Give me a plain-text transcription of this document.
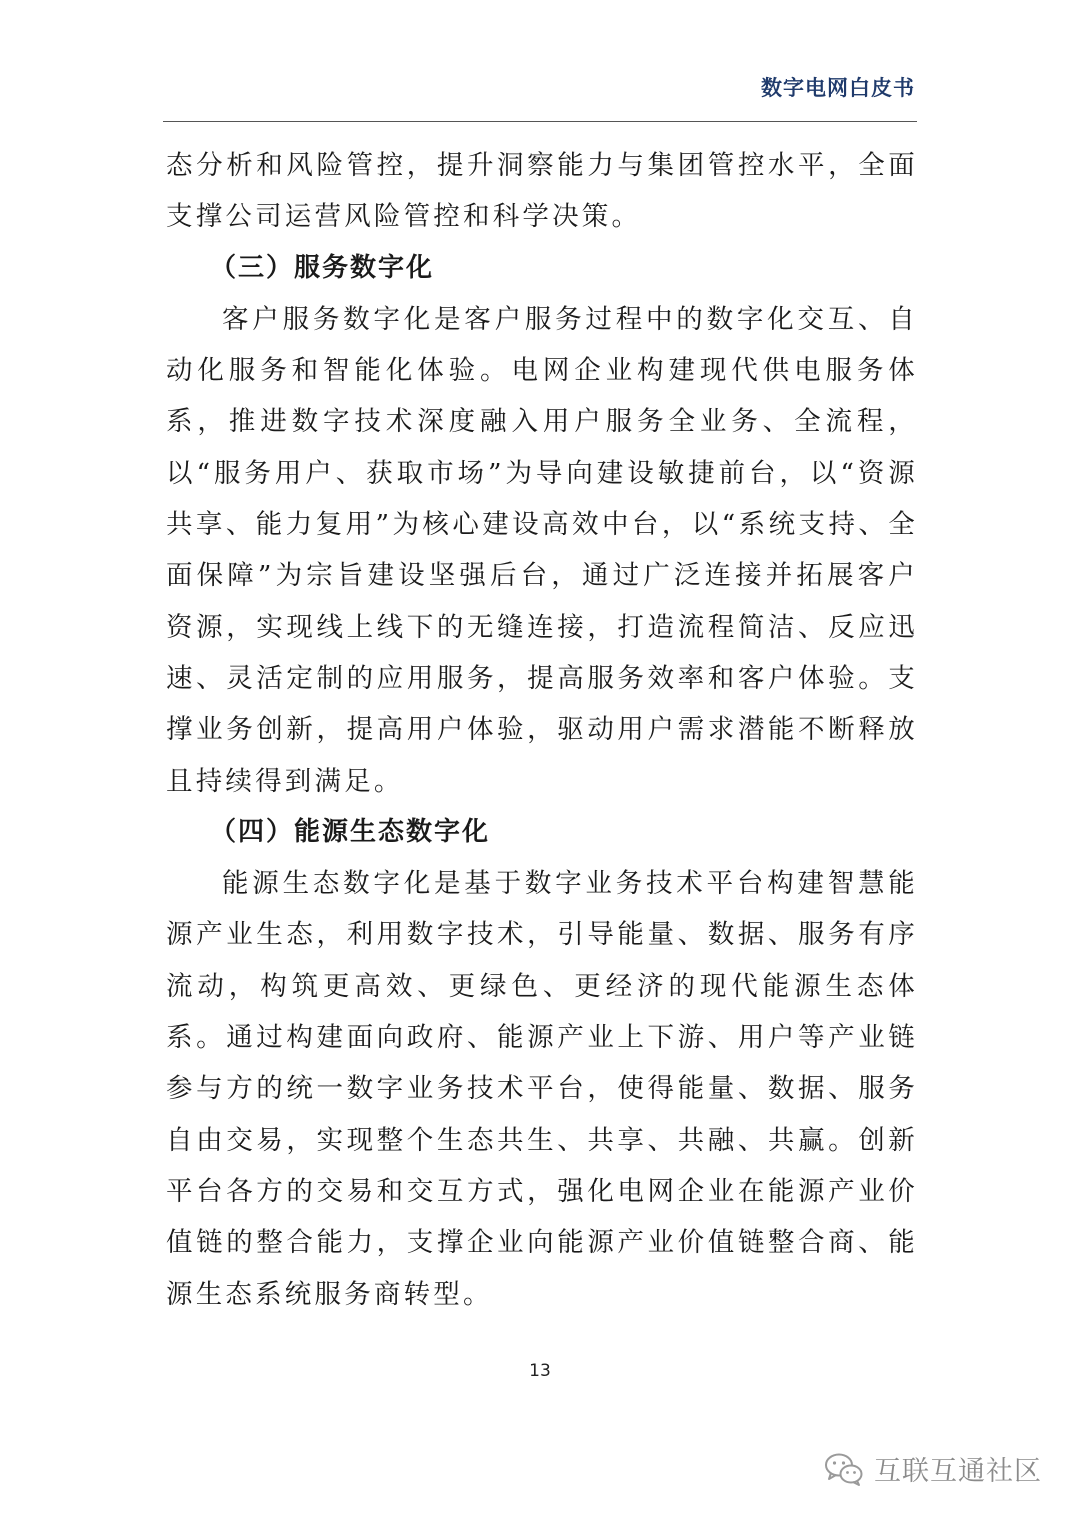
数字电网白皮书

态分析和风险管控，提升洞察能力与集团管控水平，全面支撑公司运营风险管控和科学决策。

（三）服务数字化

客户服务数字化是客户服务过程中的数字化交互、自动化服务和智能化体验。电网企业构建现代供电服务体系，推进数字技术深度融入用户服务全业务、全流程，以“服务用户、获取市场”为导向建设敏捷前台，以“资源共享、能力复用”为核心建设高效中台，以“系统支持、全面保障”为宗旨建设坚强后台，通过广泛连接并拓展客户资源，实现线上线下的无缝连接，打造流程简洁、反应迅速、灵活定制的应用服务，提高服务效率和客户体验。支撑业务创新，提高用户体验，驱动用户需求潜能不断释放且持续得到满足。

（四）能源生态数字化

能源生态数字化是基于数字业务技术平台构建智慧能源产业生态，利用数字技术，引导能量、数据、服务有序流动，构筑更高效、更绿色、更经济的现代能源生态体系。通过构建面向政府、能源产业上下游、用户等产业链参与方的统一数字业务技术平台，使得能量、数据、服务自由交易，实现整个生态共生、共享、共融、共赢。创新平台各方的交易和交互方式，强化电网企业在能源产业价值链的整合能力，支撑企业向能源产业价值链整合商、能源生态系统服务商转型。

13
互联互通社区
